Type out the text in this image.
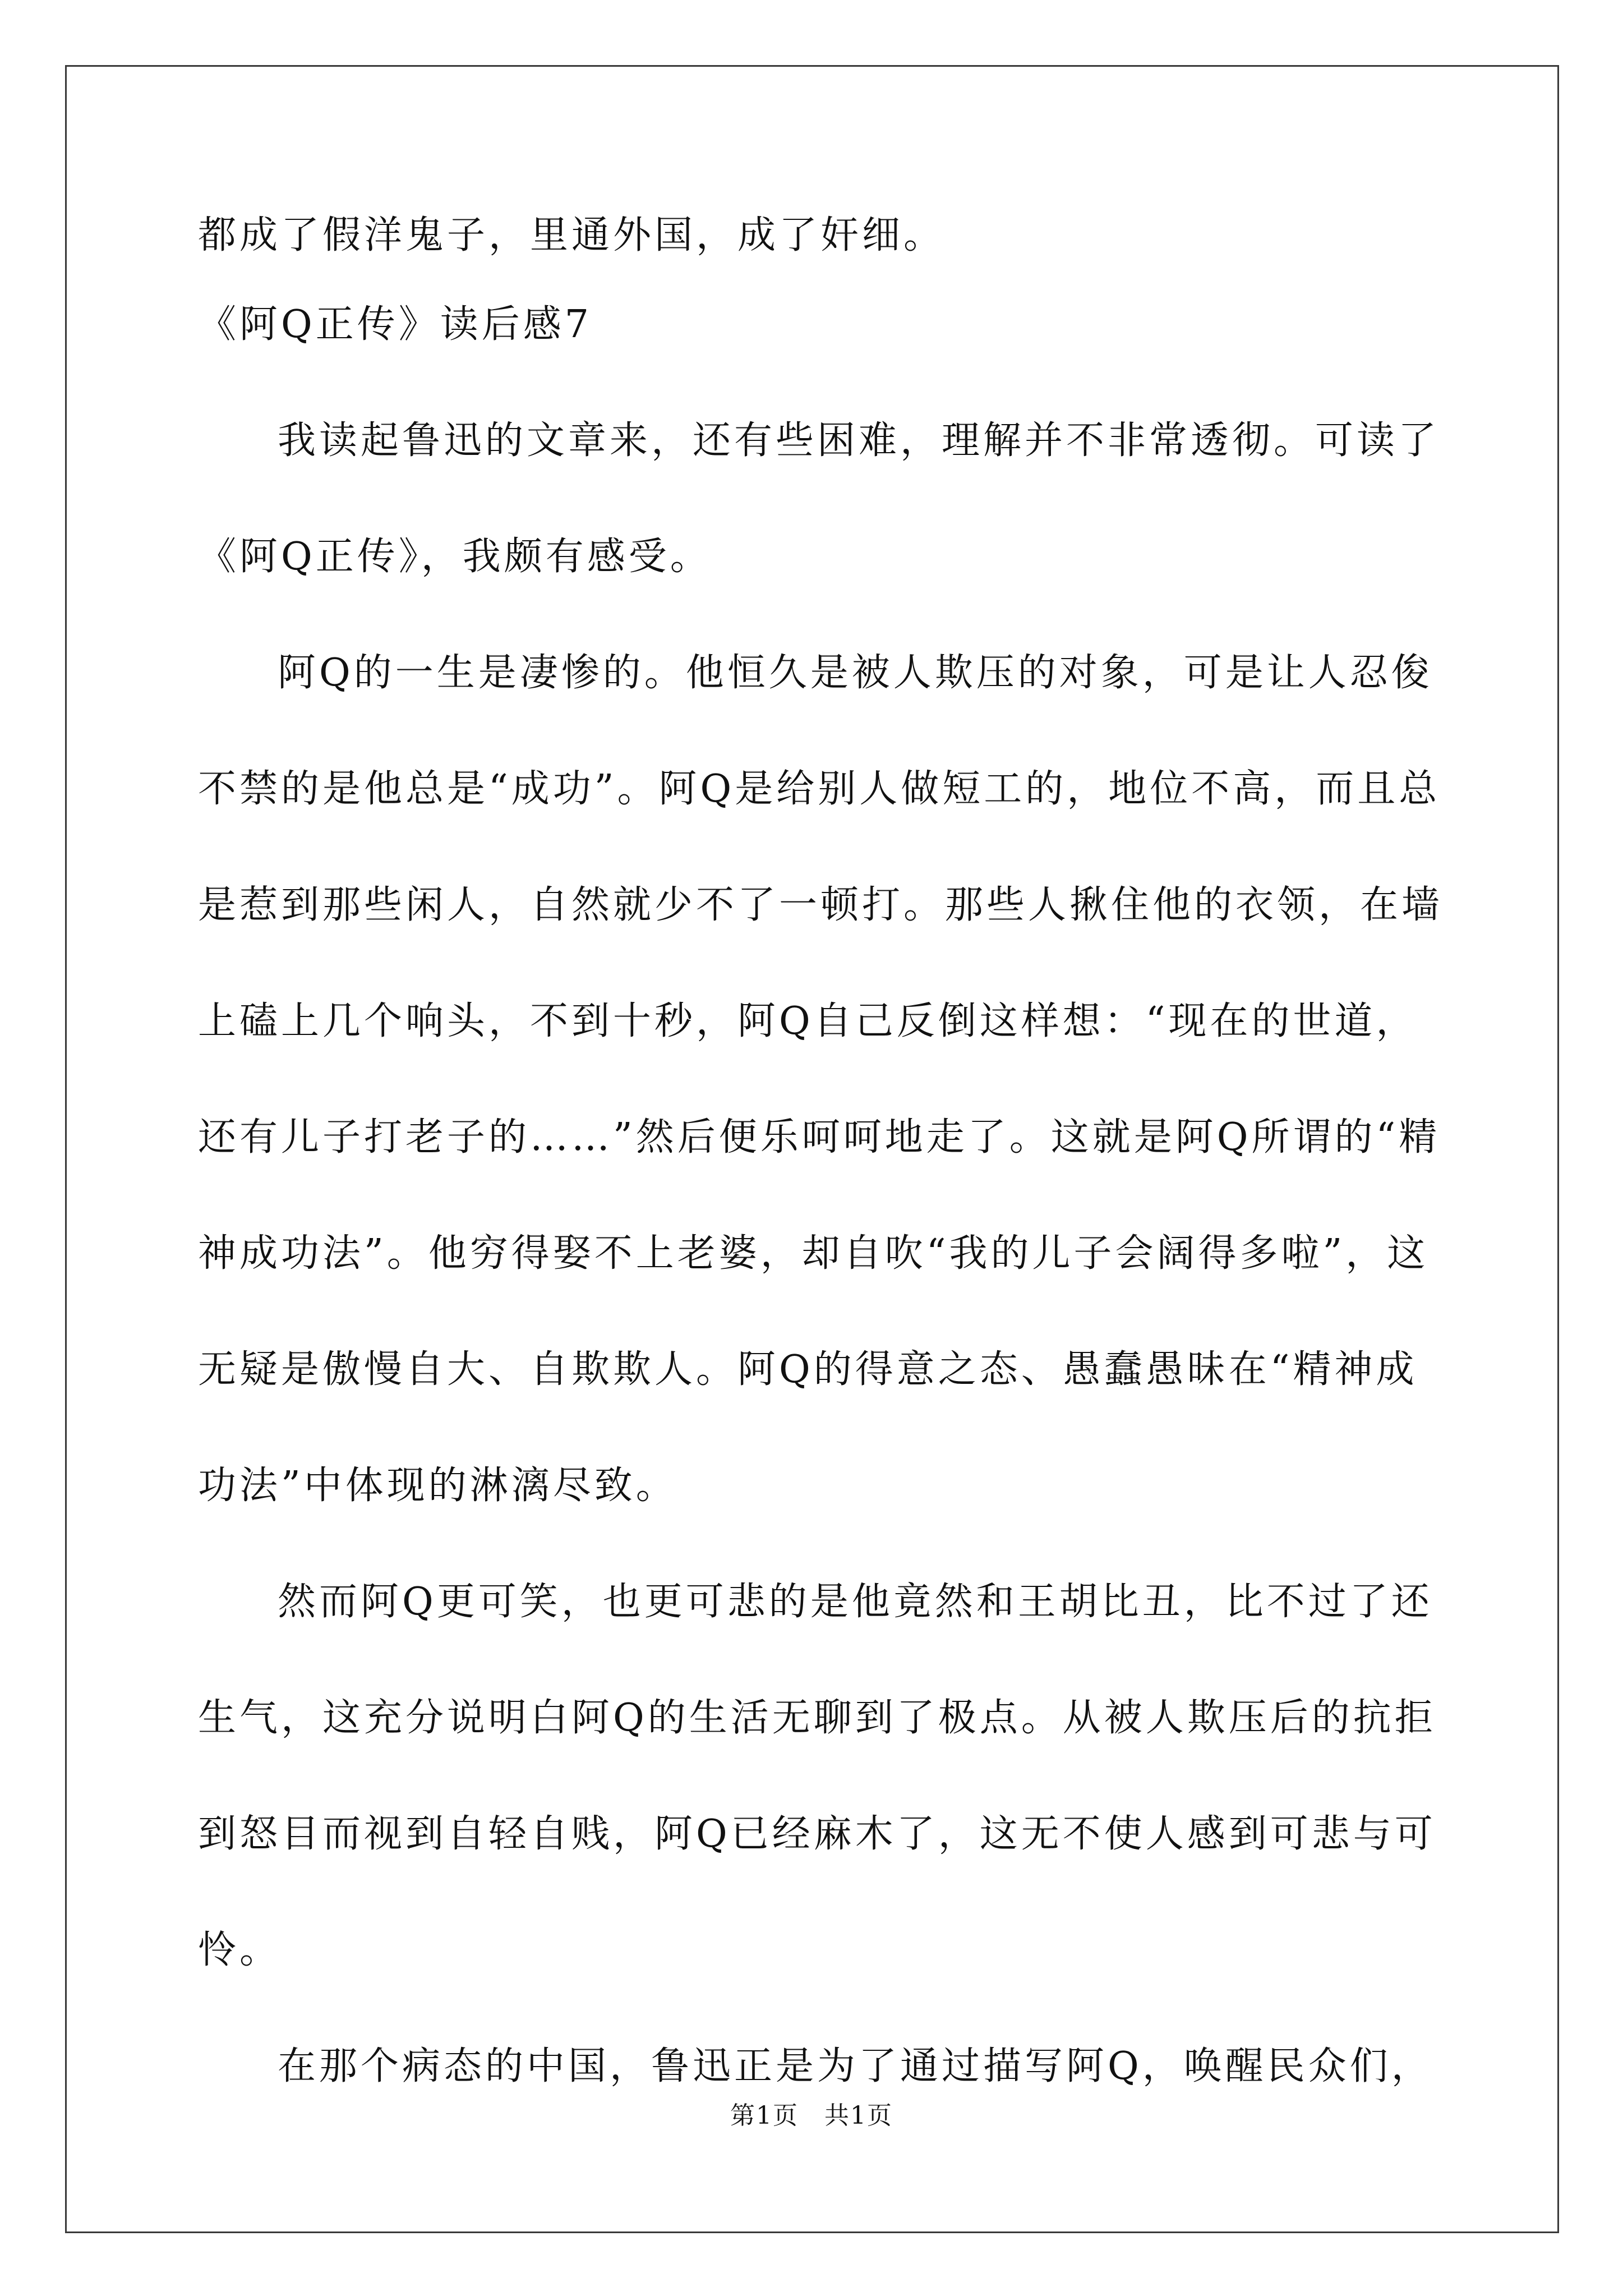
都成了假洋鬼子，里通外国，成了奸细。
《阿Q正传》读后感7
我读起鲁迅的文章来，还有些困难，理解并不非常透彻。可读了
《阿Q正传》，我颇有感受。
阿Q的一生是凄惨的。他恒久是被人欺压的对象，可是让人忍俊
不禁的是他总是“成功”。阿Q是给别人做短工的，地位不高，而且总
是惹到那些闲人，自然就少不了一顿打。那些人揪住他的衣领，在墙
上磕上几个响头，不到十秒，阿Q自己反倒这样想：“现在的世道，
还有儿子打老子的……”然后便乐呵呵地走了。这就是阿Q所谓的“精
神成功法”。他穷得娶不上老婆，却自吹“我的儿子会阔得多啦”，这
无疑是傲慢自大、自欺欺人。阿Q的得意之态、愚蠢愚昧在“精神成
功法”中体现的淋漓尽致。
然而阿Q更可笑，也更可悲的是他竟然和王胡比丑，比不过了还
生气，这充分说明白阿Q的生活无聊到了极点。从被人欺压后的抗拒
到怒目而视到自轻自贱，阿Q已经麻木了，这无不使人感到可悲与可
怜。
在那个病态的中国，鲁迅正是为了通过描写阿Q，唤醒民众们，
第1页　共1页
